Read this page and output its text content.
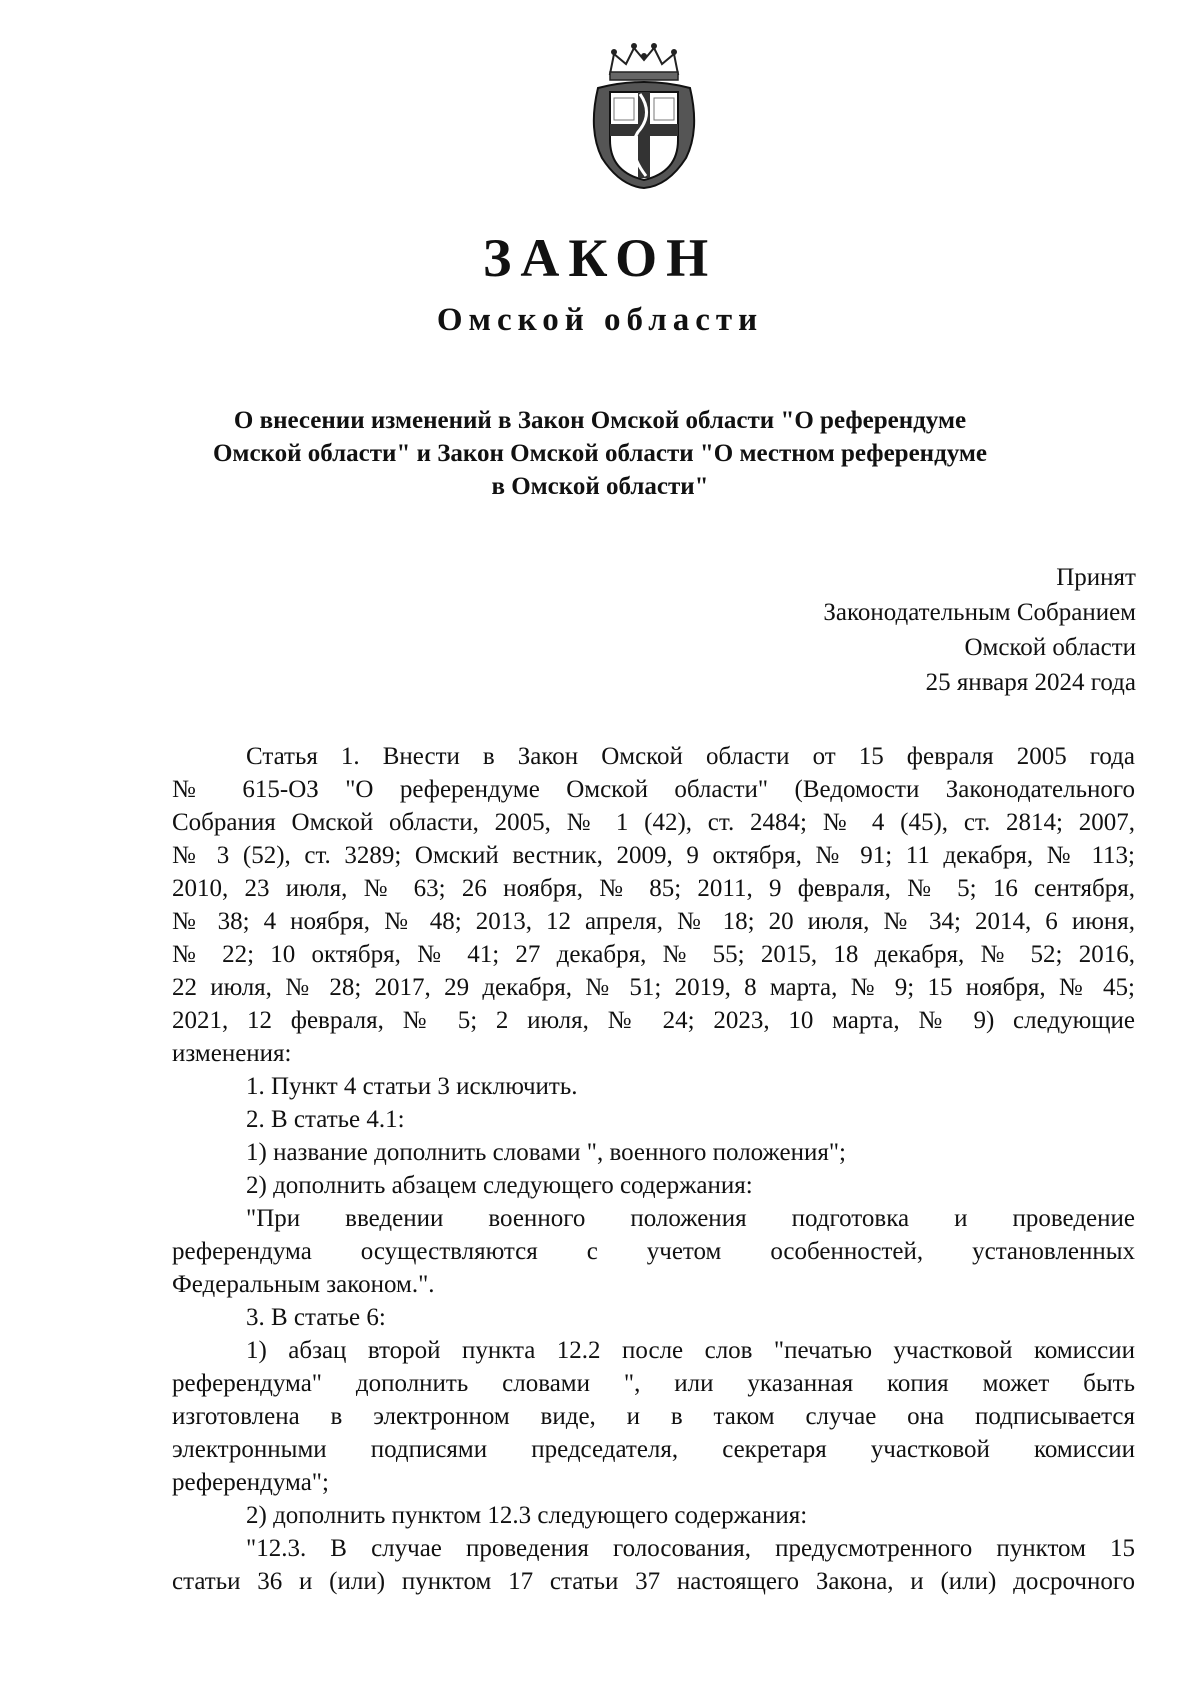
ЗАКОН
Омской области

О внесении изменений в Закон Омской области "О референдуме
Омской области" и Закон Омской области "О местном референдуме
в Омской области"

Принят
Законодательным Собранием
Омской области
25 января 2024 года

Статья 1. Внести в Закон Омской области от 15 февраля 2005 года

№ 615-ОЗ "О референдуме Омской области" (Ведомости Законодательного

Собрания Омской области, 2005, № 1 (42), ст. 2484; № 4 (45), ст. 2814; 2007,

№ 3 (52), ст. 3289; Омский вестник, 2009, 9 октября, № 91; 11 декабря, № 113;

2010, 23 июля, № 63; 26 ноября, № 85; 2011, 9 февраля, № 5; 16 сентября,

№ 38; 4 ноября, № 48; 2013, 12 апреля, № 18; 20 июля, № 34; 2014, 6 июня,

№ 22; 10 октября, № 41; 27 декабря, № 55; 2015, 18 декабря, № 52; 2016,

22 июля, № 28; 2017, 29 декабря, № 51; 2019, 8 марта, № 9; 15 ноября, № 45;

2021, 12 февраля, № 5; 2 июля, № 24; 2023, 10 марта, № 9) следующие

изменения:

1. Пункт 4 статьи 3 исключить.

2. В статье 4.1:

1) название дополнить словами ", военного положения";

2) дополнить абзацем следующего содержания:

"При введении военного положения подготовка и проведение

референдума осуществляются с учетом особенностей, установленных

Федеральным законом.".

3. В статье 6:

1) абзац второй пункта 12.2 после слов "печатью участковой комиссии

референдума" дополнить словами ", или указанная копия может быть

изготовлена в электронном виде, и в таком случае она подписывается

электронными подписями председателя, секретаря участковой комиссии

референдума";

2) дополнить пунктом 12.3 следующего содержания:

"12.3. В случае проведения голосования, предусмотренного пунктом 15

статьи 36 и (или) пунктом 17 статьи 37 настоящего Закона, и (или) досрочного
